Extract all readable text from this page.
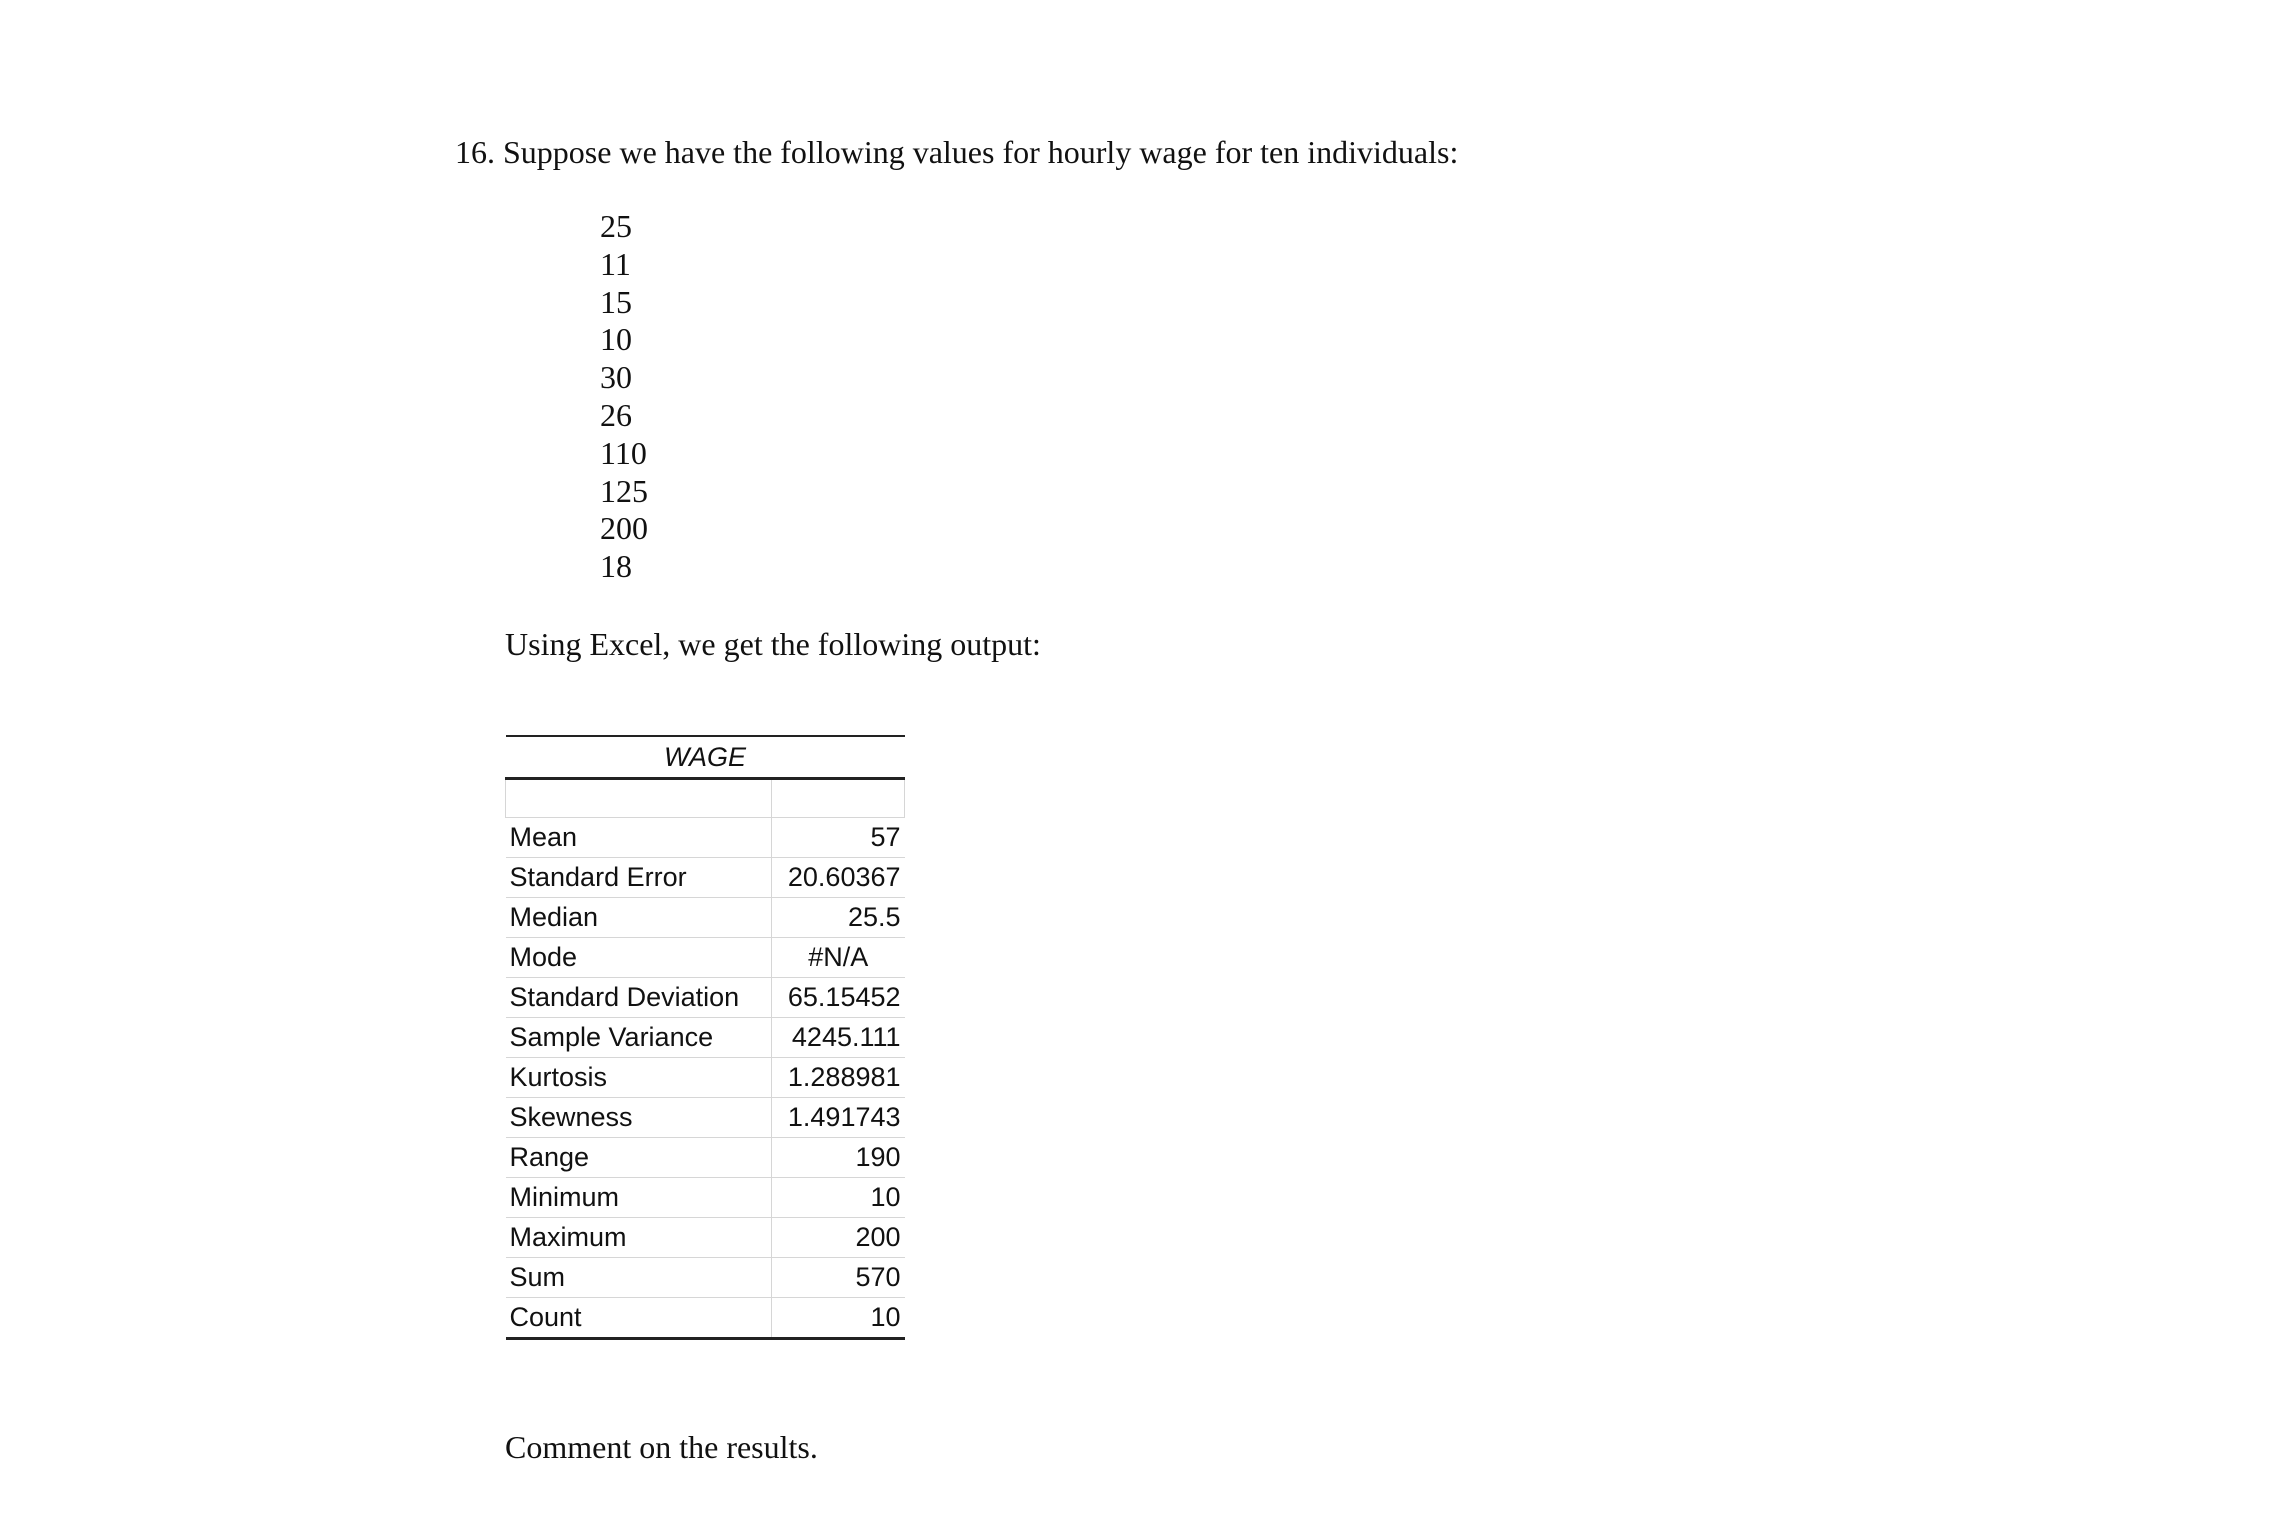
16. Suppose we have the following values for hourly wage for ten individuals:
25
11
15
10
30
26
110
125
200
18
Using Excel, we get the following output:
WAGE	

Mean	57
Standard Error	20.60367
Median	25.5
Mode	#N/A
Standard Deviation	65.15452
Sample Variance	4245.111
Kurtosis	1.288981
Skewness	1.491743
Range	190
Minimum	10
Maximum	200
Sum	570
Count	10
Comment on the results.
